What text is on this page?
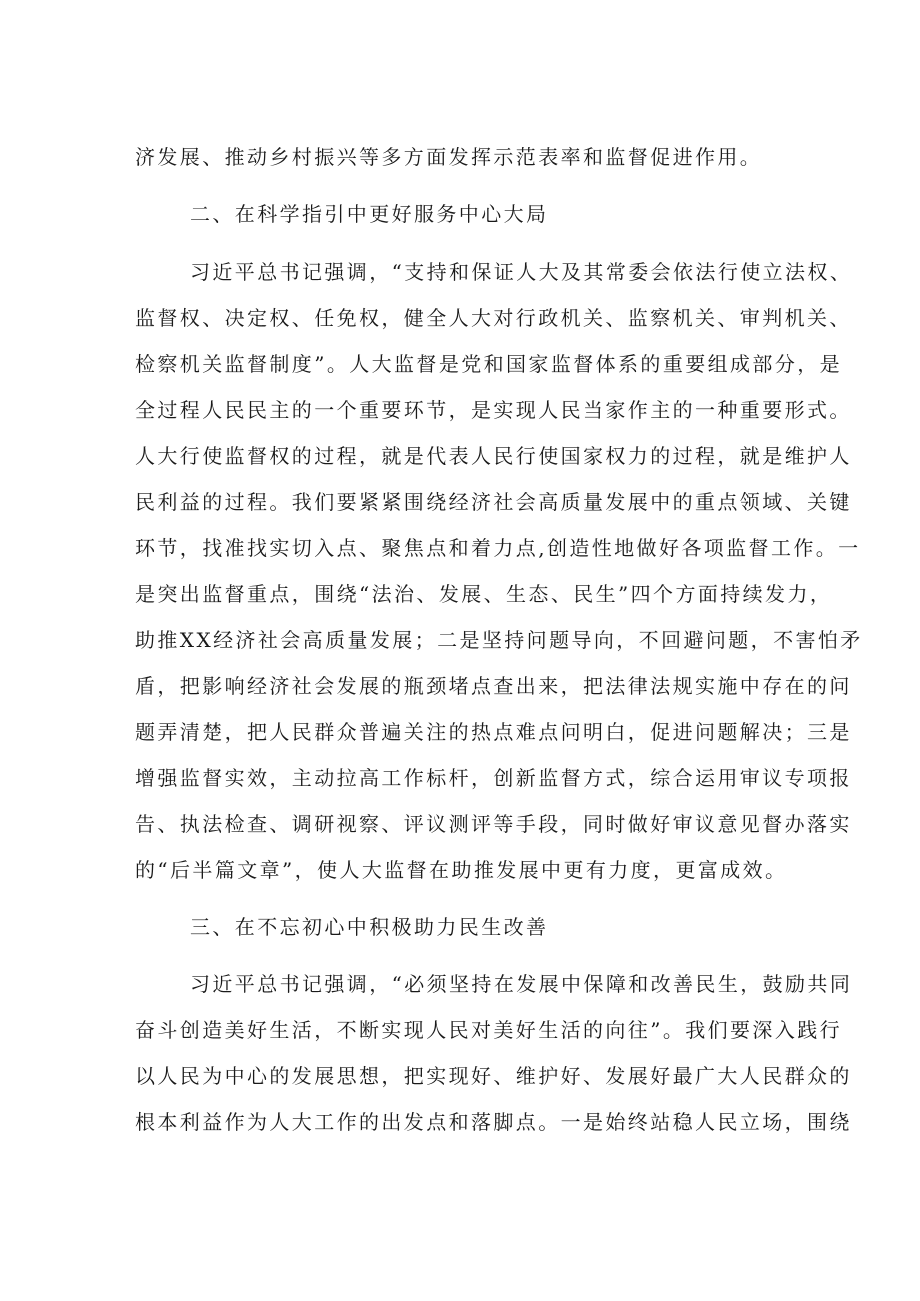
济发展、推动乡村振兴等多方面发挥示范表率和监督促进作用。
二、在科学指引中更好服务中心大局
习近平总书记强调，“支持和保证人大及其常委会依法行使立法权、
监督权、决定权、任免权，健全人大对行政机关、监察机关、审判机关、
检察机关监督制度”。人大监督是党和国家监督体系的重要组成部分，是
全过程人民民主的一个重要环节，是实现人民当家作主的一种重要形式。
人大行使监督权的过程，就是代表人民行使国家权力的过程，就是维护人
民利益的过程。我们要紧紧围绕经济社会高质量发展中的重点领域、关键
环节，找准找实切入点、聚焦点和着力点,创造性地做好各项监督工作。一
是突出监督重点，围绕“法治、发展、生态、民生”四个方面持续发力，
助推XX经济社会高质量发展；二是坚持问题导向，不回避问题，不害怕矛
盾，把影响经济社会发展的瓶颈堵点查出来，把法律法规实施中存在的问
题弄清楚，把人民群众普遍关注的热点难点问明白，促进问题解决；三是
增强监督实效，主动拉高工作标杆，创新监督方式，综合运用审议专项报
告、执法检查、调研视察、评议测评等手段，同时做好审议意见督办落实
的“后半篇文章”，使人大监督在助推发展中更有力度，更富成效。
三、在不忘初心中积极助力民生改善
习近平总书记强调，“必须坚持在发展中保障和改善民生，鼓励共同
奋斗创造美好生活，不断实现人民对美好生活的向往”。我们要深入践行
以人民为中心的发展思想，把实现好、维护好、发展好最广大人民群众的
根本利益作为人大工作的出发点和落脚点。一是始终站稳人民立场，围绕
